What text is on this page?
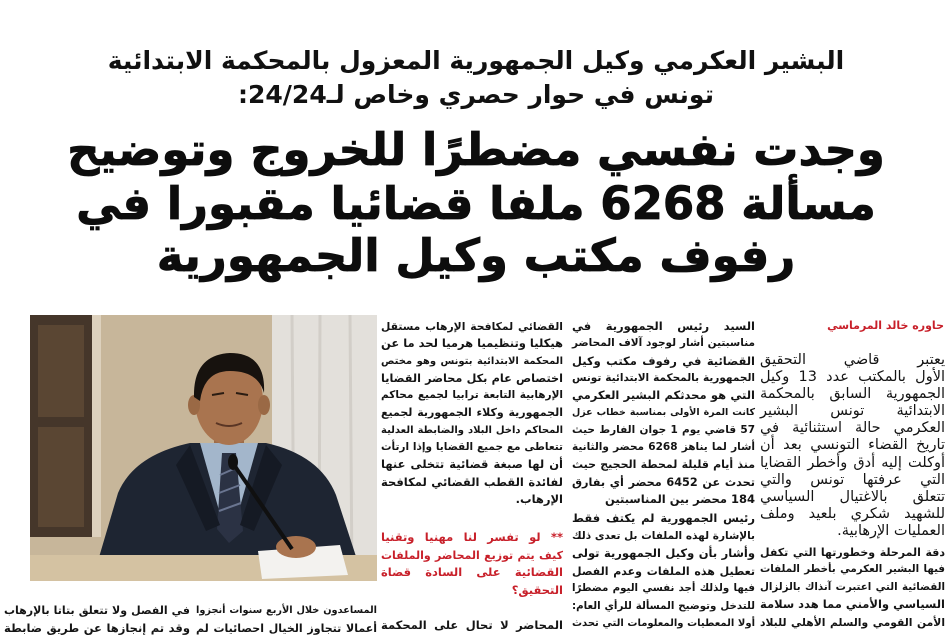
البشير العكرمي وكيل الجمهورية المعزول بالمحكمة الابتدائية
تونس في حوار حصري وخاص لـ24/24:
وجدت نفسي مضطرًا للخروج وتوضيح
مسألة 6268 ملفا قضائيا مقبورا في
رفوف مكتب وكيل الجمهورية
حاوره خالد المرماسي
يعتبر قاضي التحقيق
الأول بالمكتب عدد 13 وكيل
الجمهورية السابق بالمحكمة
الابتدائية تونس البشير
العكرمي حالة استثنائية في
تاريخ القضاء التونسي بعد أن
أوكلت إليه أدق وأخطر القضايا
التي عرفتها تونس والتي
تتعلق بالاغتيال السياسي
للشهيد شكري بلعيد وملف
العمليات الإرهابية.
دقة المرحلة وخطورتها التي تكفل
فيها البشير العكرمي بأخطر الملفات
القضائية التي اعتبرت آنذاك بالزلزال
السياسي والأمني مما هدد سلامة
الأمن القومي والسلم الأهلي للبلاد
السيد رئيس الجمهورية في
مناسبتين أشار لوجود آلاف المحاضر
القضائية في رفوف مكتب وكيل
الجمهورية بالمحكمة الابتدائية تونس
التي هو محدثكم البشير العكرمي
كانت المرة الأولى بمناسبة خطاب عزل
57 قاضي يوم 1 جوان الفارط حيث
أشار لما يناهز 6268 محضر والثانية
منذ أيام قليلة لمحطة الحجيج حيث
تحدث عن 6452 محضر أي بفارق
184 محضر بين المناسبتين
رئيس الجمهورية لم يكتف فقط
بالإشارة لهذه الملفات بل تعدى ذلك
وأشار بأن وكيل الجمهورية تولى
تعطيل هذه الملفات وعدم الفصل
فيها ولذلك أجد نفسي اليوم مضطرًا
للتدخل وتوضيح المسألة للرأي العام:
أولا المعطيات والمعلومات التي تحدث
القضائي لمكافحة الإرهاب مستقل
هيكليا وتنظيميا هرميا لحد ما عن
المحكمة الابتدائية بتونس وهو مختص
اختصاص عام بكل محاضر القضايا
الإرهابية التابعة ترابيا لجميع محاكم
الجمهورية وكلاء الجمهورية لجميع
المحاكم داخل البلاد والضابطة العدلية
تتعاطى مع جميع القضايا وإذا ارتأت
أن لها صبغة قضائية تتخلى عنها
لفائدة القطب القضائي لمكافحة
الإرهاب.
** لو تفسر لنا مهنيا وتقنيا
كيف يتم توزيع المحاضر والملفات
القضائية على السادة قضاة
التحقيق؟
المحاضر لا تحال على المحكمة
المساعدون خلال الأربع سنوات أنجزوا
أعمالا تتجاوز الخيال احصائيات لم
في الفصل ولا تتعلق بتاتا بالإرهاب
وقد تم إنجازها عن طريق ضابطة
